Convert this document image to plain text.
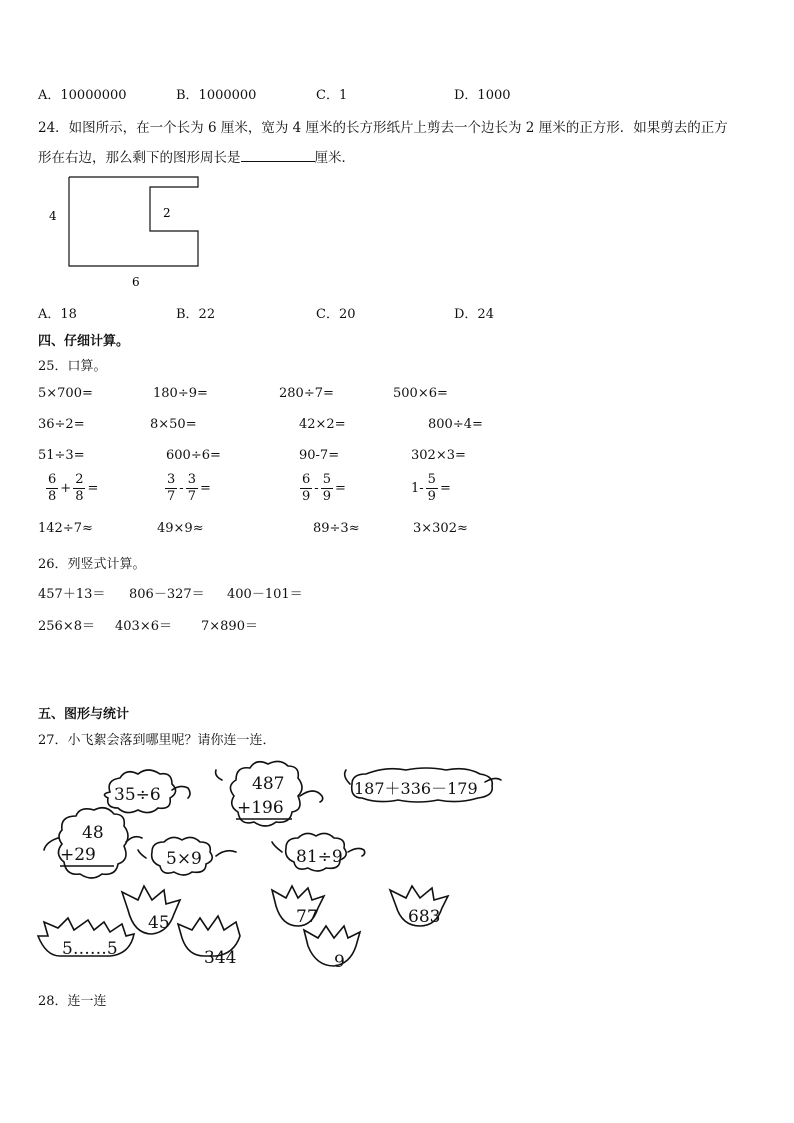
A．10000000	B．1000000	C．1	D．1000
24．如图所示，在一个长为 6 厘米，宽为 4 厘米的长方形纸片上剪去一个边长为 2 厘米的正方形．如果剪去的正方
形在右边，那么剩下的图形周长是	厘米．
4	2
6
A．18	B．22	C．20	D．24
四、仔细计算。
25．口算。
5×700=	180÷9=	280÷7=	500×6=
36÷2=	8×50=	42×2=	800÷4=
51÷3=	600÷6=	90-7=	302×3=
$\frac{6}{8} + \frac{2}{8}$ =	$\frac{3}{7} - \frac{3}{7}$ =	$\frac{6}{9} - \frac{5}{9}$ =	$1- \frac{5}{9}$ =
142÷7≈	49×9≈	89÷3≈	3×302≈
26．列竖式计算。
457＋13＝ 806－327＝ 400－101＝
256×8＝ 403×6＝ 7×890＝
五、图形与统计
27．小飞絮会落到哪里呢？请你连一连．
35÷6
487
+196
187＋336－179
48
+29	5×9	81÷9
45	77	683
5……5	344	9
28．连一连
